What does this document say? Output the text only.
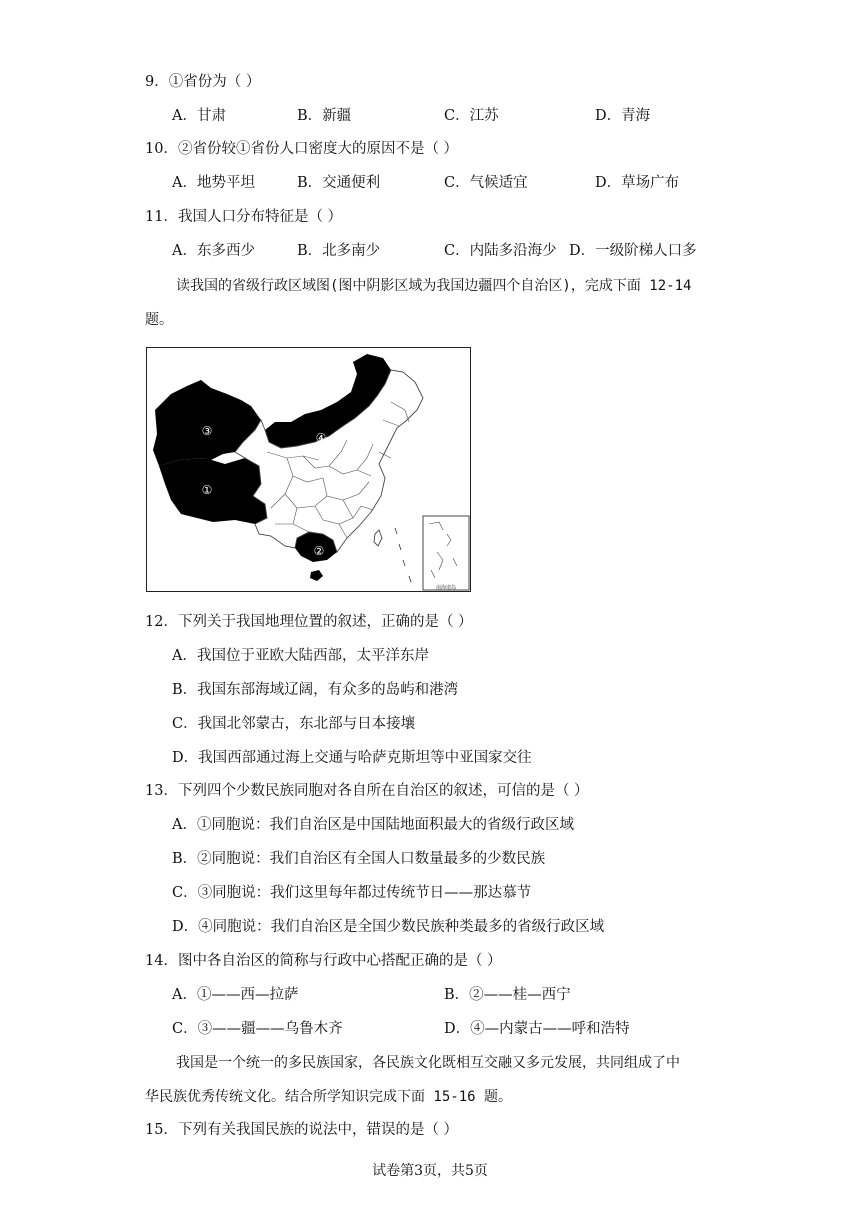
9．①省份为（ ）
A．甘肃	B．新疆	C．江苏	D．青海
10．②省份较①省份人口密度大的原因不是（ ）
A．地势平坦	B．交通便利	C．气候适宜	D．草场广布
11．我国人口分布特征是（ ）
A．东多西少	B．北多南少	C．内陆多沿海少 D．一级阶梯人口多
读我国的省级行政区域图(图中阴影区域为我国边疆四个自治区)，完成下面 12-14
题。
③	④
①
②
南海诸岛
12．下列关于我国地理位置的叙述，正确的是（ ）
A．我国位于亚欧大陆西部，太平洋东岸
B．我国东部海域辽阔，有众多的岛屿和港湾
C．我国北邻蒙古，东北部与日本接壤
D．我国西部通过海上交通与哈萨克斯坦等中亚国家交往
13．下列四个少数民族同胞对各自所在自治区的叙述，可信的是（ ）
A．①同胞说：我们自治区是中国陆地面积最大的省级行政区域
B．②同胞说：我们自治区有全国人口数量最多的少数民族
C．③同胞说：我们这里每年都过传统节日——那达慕节
D．④同胞说：我们自治区是全国少数民族种类最多的省级行政区域
14．图中各自治区的简称与行政中心搭配正确的是（ ）
A．①——西—拉萨	B．②——桂—西宁
C．③——疆——乌鲁木齐	D．④—内蒙古——呼和浩特
我国是一个统一的多民族国家，各民族文化既相互交融又多元发展，共同组成了中
华民族优秀传统文化。结合所学知识完成下面 15-16 题。
15．下列有关我国民族的说法中，错误的是（ ）
试卷第3页，共5页
